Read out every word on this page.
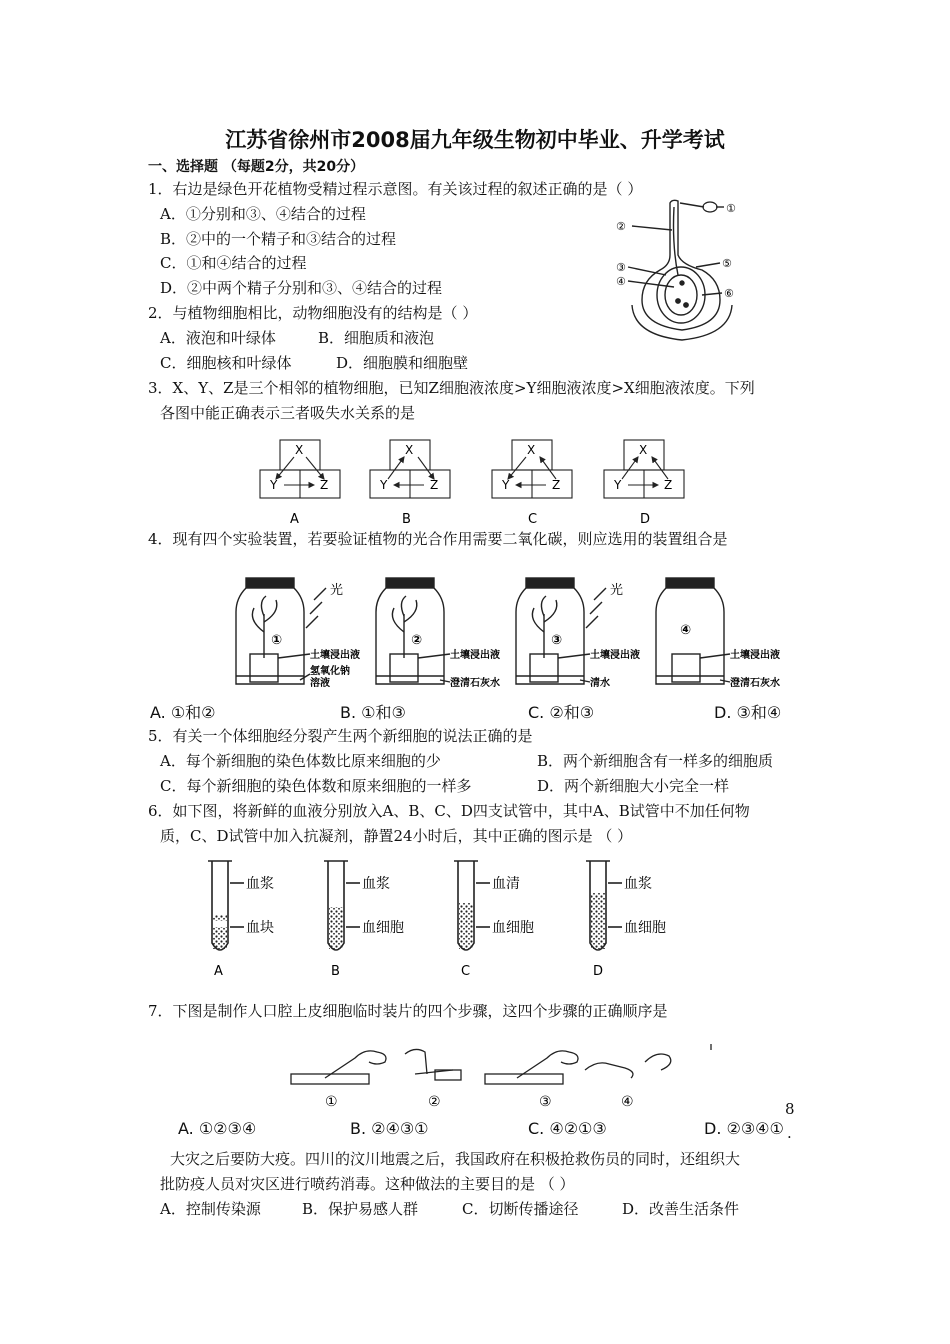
江苏省徐州市2008届九年级生物初中毕业、升学考试
一、选择题 （每题2分，共20分）
1．右边是绿色开花植物受精过程示意图。有关该过程的叙述正确的是（ ）
A．①分别和③、④结合的过程
B．②中的一个精子和③结合的过程
C．①和④结合的过程
D．②中两个精子分别和③、④结合的过程
①
②
③
④
⑤
⑥
2．与植物细胞相比，动物细胞没有的结构是（ ）
A．液泡和叶绿体	B．细胞质和液泡
C．细胞核和叶绿体	D．细胞膜和细胞壁
3．X、Y、Z是三个相邻的植物细胞，已知Z细胞液浓度>Y细胞液浓度>X细胞液浓度。下列
各图中能正确表示三者吸失水关系的是
X
Y	Z
X
Y	Z
X
Y	Z
X
Y	Z
A	B	C	D
4．现有四个实验装置，若要验证植物的光合作用需要二氧化碳，则应选用的装置组合是
①	②	③
④
光	光
土壤浸出液
氢氧化钠
溶液
土壤浸出液
澄清石灰水
土壤浸出液
清水
土壤浸出液
澄清石灰水
A. ①和②	B. ①和③	C. ②和③	D. ③和④
5．有关一个体细胞经分裂产生两个新细胞的说法正确的是
A．每个新细胞的染色体数比原来细胞的少	B．两个新细胞含有一样多的细胞质
C．每个新细胞的染色体数和原来细胞的一样多	D．两个新细胞大小完全一样
6．如下图，将新鲜的血液分别放入A、B、C、D四支试管中，其中A、B试管中不加任何物
质，C、D试管中加入抗凝剂，静置24小时后，其中正确的图示是 （ ）
血浆
血块
血浆
血细胞
血清
血细胞
血浆
血细胞
A	B	C	D
7．下图是制作人口腔上皮细胞临时装片的四个步骤，这四个步骤的正确顺序是
①	②	③	④
A. ①②③④	B. ②④③①	C. ④②①③	D. ②③④①
8
.
大灾之后要防大疫。四川的汶川地震之后，我国政府在积极抢救伤员的同时，还组织大
批防疫人员对灾区进行喷药消毒。这种做法的主要目的是 （ ）
A．控制传染源	B．保护易感人群	C．切断传播途径	D．改善生活条件
